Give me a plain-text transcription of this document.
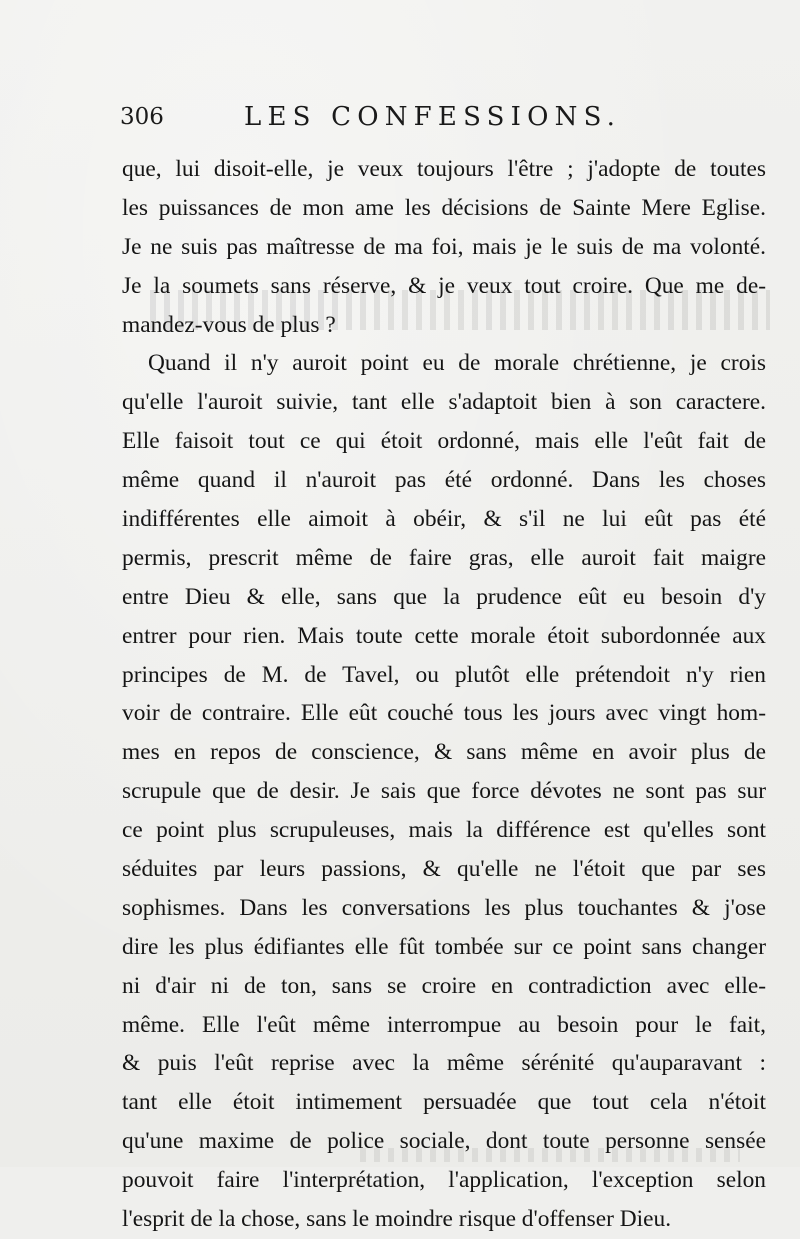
306	LES CONFESSIONS.
que, lui disoit-elle, je veux toujours l'être ; j'adopte de toutes
les puissances de mon ame les décisions de Sainte Mere Eglise.
Je ne suis pas maîtresse de ma foi, mais je le suis de ma volonté.
Je la soumets sans réserve, & je veux tout croire. Que me de-
mandez-vous de plus ?
Quand il n'y auroit point eu de morale chrétienne, je crois
qu'elle l'auroit suivie, tant elle s'adaptoit bien à son caractere.
Elle faisoit tout ce qui étoit ordonné, mais elle l'eût fait de
même quand il n'auroit pas été ordonné. Dans les choses
indifférentes elle aimoit à obéir, & s'il ne lui eût pas été
permis, prescrit même de faire gras, elle auroit fait maigre
entre Dieu & elle, sans que la prudence eût eu besoin d'y
entrer pour rien. Mais toute cette morale étoit subordonnée aux
principes de M. de Tavel, ou plutôt elle prétendoit n'y rien
voir de contraire. Elle eût couché tous les jours avec vingt hom-
mes en repos de conscience, & sans même en avoir plus de
scrupule que de desir. Je sais que force dévotes ne sont pas sur
ce point plus scrupuleuses, mais la différence est qu'elles sont
séduites par leurs passions, & qu'elle ne l'étoit que par ses
sophismes. Dans les conversations les plus touchantes & j'ose
dire les plus édifiantes elle fût tombée sur ce point sans changer
ni d'air ni de ton, sans se croire en contradiction avec elle-
même. Elle l'eût même interrompue au besoin pour le fait,
& puis l'eût reprise avec la même sérénité qu'auparavant :
tant elle étoit intimement persuadée que tout cela n'étoit
qu'une maxime de police sociale, dont toute personne sensée
pouvoit faire l'interprétation, l'application, l'exception selon
l'esprit de la chose, sans le moindre risque d'offenser Dieu.
